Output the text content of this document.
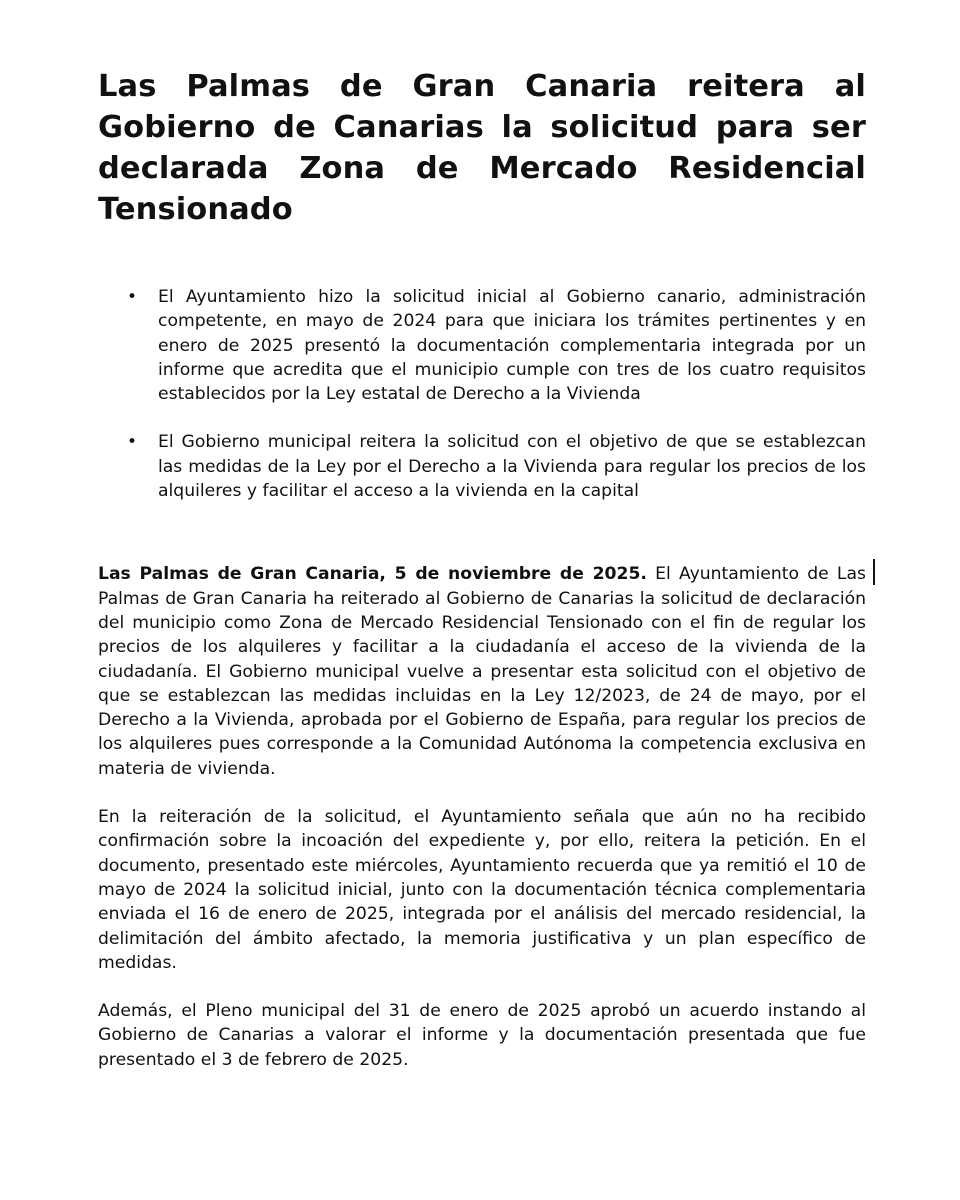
Las Palmas de Gran Canaria reitera al Gobierno de Canarias la solicitud para ser declarada Zona de Mercado Residencial Tensionado
• El Ayuntamiento hizo la solicitud inicial al Gobierno canario, administración competente, en mayo de 2024 para que iniciara los trámites pertinentes y en enero de 2025 presentó la documentación complementaria integrada por un informe que acredita que el municipio cumple con tres de los cuatro requisitos establecidos por la Ley estatal de Derecho a la Vivienda
• El Gobierno municipal reitera la solicitud con el objetivo de que se establezcan las medidas de la Ley por el Derecho a la Vivienda para regular los precios de los alquileres y facilitar el acceso a la vivienda en la capital

Las Palmas de Gran Canaria, 5 de noviembre de 2025. El Ayuntamiento de Las Palmas de Gran Canaria ha reiterado al Gobierno de Canarias la solicitud de declaración del municipio como Zona de Mercado Residencial Tensionado con el fin de regular los precios de los alquileres y facilitar a la ciudadanía el acceso de la vivienda de la ciudadanía. El Gobierno municipal vuelve a presentar esta solicitud con el objetivo de que se establezcan las medidas incluidas en la Ley 12/2023, de 24 de mayo, por el Derecho a la Vivienda, aprobada por el Gobierno de España, para regular los precios de los alquileres pues corresponde a la Comunidad Autónoma la competencia exclusiva en materia de vivienda.

En la reiteración de la solicitud, el Ayuntamiento señala que aún no ha recibido confirmación sobre la incoación del expediente y, por ello, reitera la petición. En el documento, presentado este miércoles, Ayuntamiento recuerda que ya remitió el 10 de mayo de 2024 la solicitud inicial, junto con la documentación técnica complementaria enviada el 16 de enero de 2025, integrada por el análisis del mercado residencial, la delimitación del ámbito afectado, la memoria justificativa y un plan específico de medidas.

Además, el Pleno municipal del 31 de enero de 2025 aprobó un acuerdo instando al Gobierno de Canarias a valorar el informe y la documentación presentada que fue presentado el 3 de febrero de 2025.
